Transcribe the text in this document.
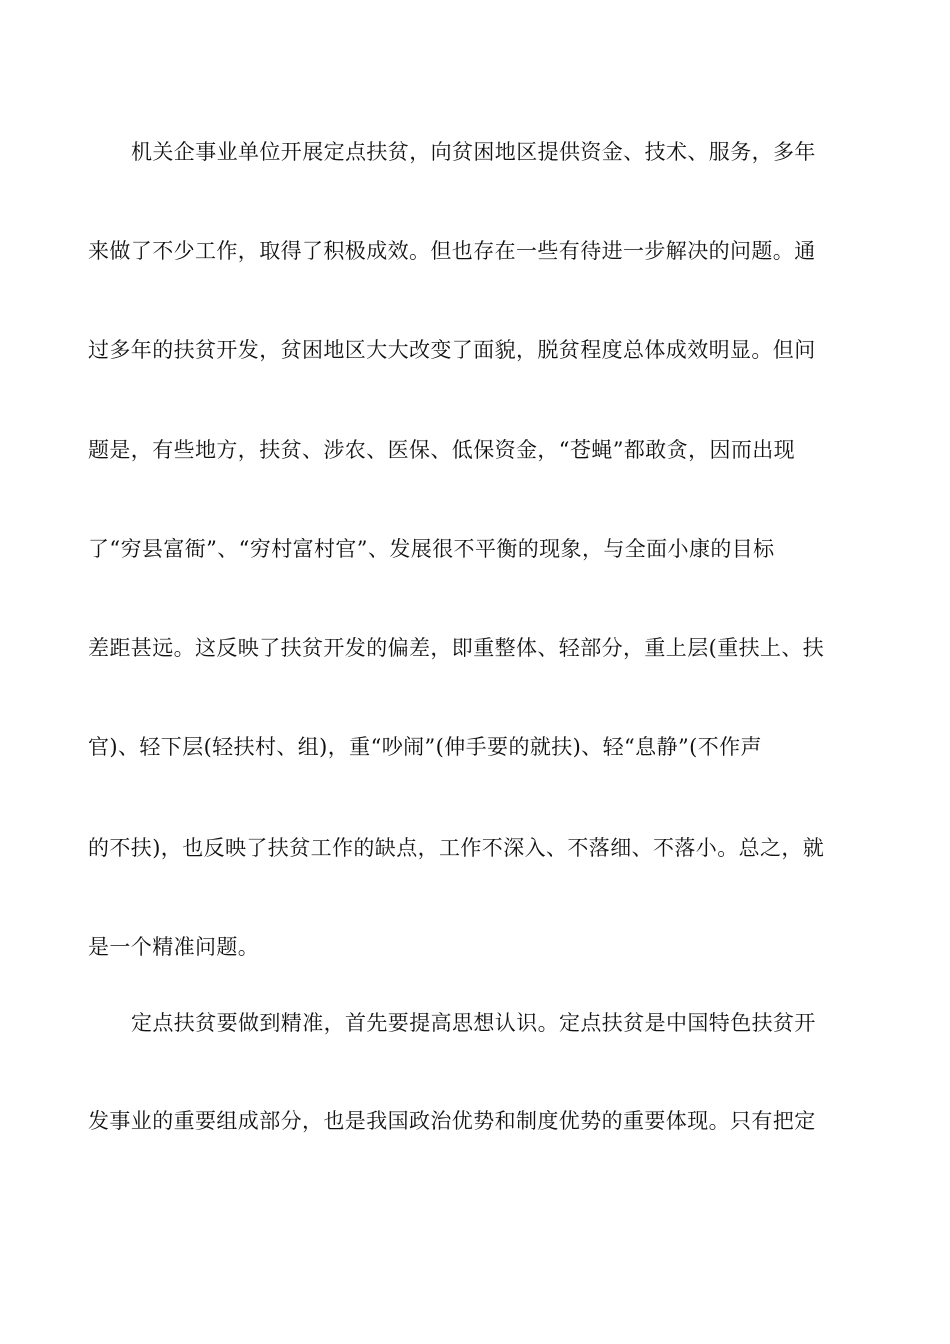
机关企事业单位开展定点扶贫，向贫困地区提供资金、技术、服务，多年
来做了不少工作，取得了积极成效。但也存在一些有待进一步解决的问题。通
过多年的扶贫开发，贫困地区大大改变了面貌，脱贫程度总体成效明显。但问
题是，有些地方，扶贫、涉农、医保、低保资金，“苍蝇”都敢贪，因而出现
了“穷县富衙”、“穷村富村官”、发展很不平衡的现象，与全面小康的目标
差距甚远。这反映了扶贫开发的偏差，即重整体、轻部分，重上层(重扶上、扶
官)、轻下层(轻扶村、组)，重“吵闹”(伸手要的就扶)、轻“息静”(不作声
的不扶)，也反映了扶贫工作的缺点，工作不深入、不落细、不落小。总之，就
是一个精准问题。
定点扶贫要做到精准，首先要提高思想认识。定点扶贫是中国特色扶贫开
发事业的重要组成部分，也是我国政治优势和制度优势的重要体现。只有把定
